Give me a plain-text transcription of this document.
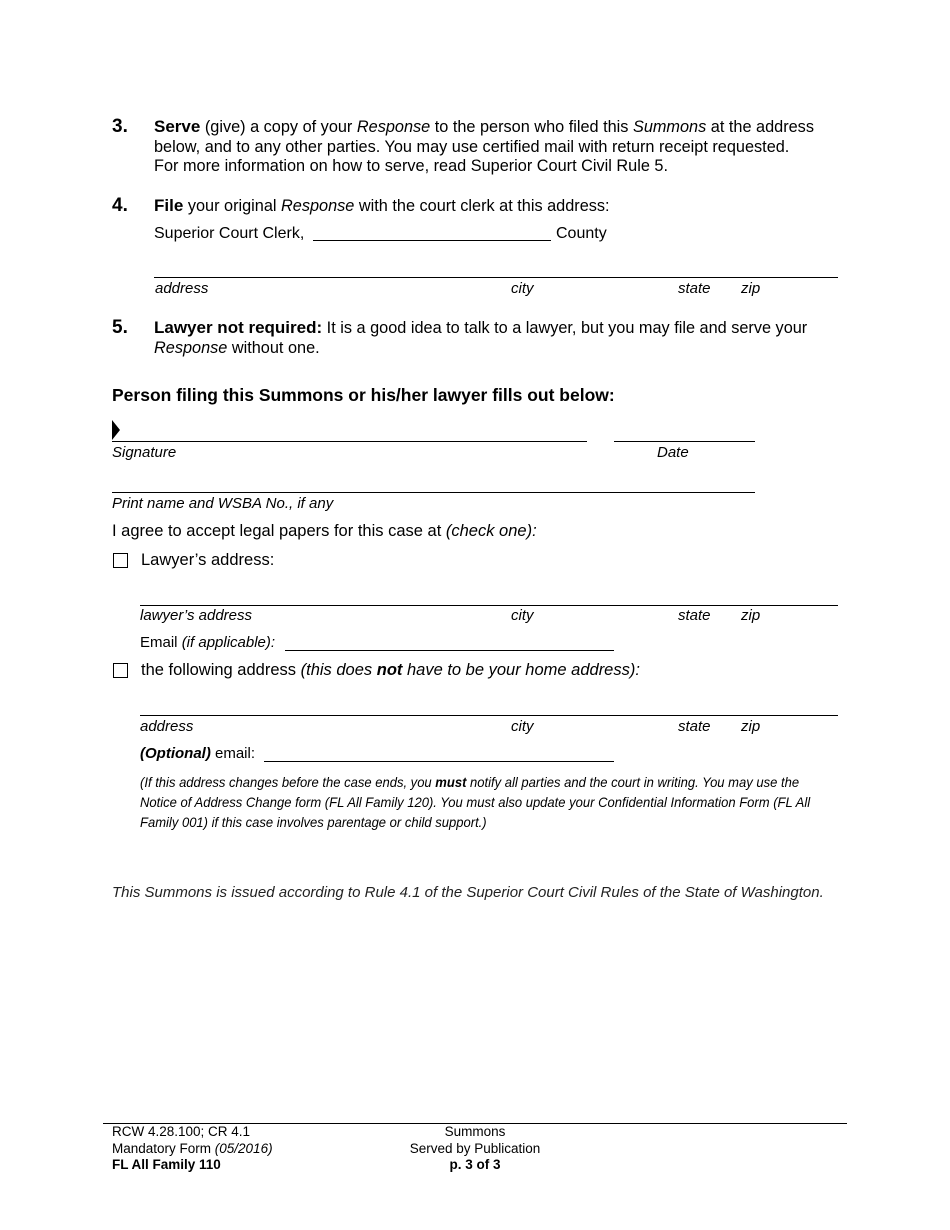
3. Serve (give) a copy of your Response to the person who filed this Summons at the address below, and to any other parties. You may use certified mail with return receipt requested. For more information on how to serve, read Superior Court Civil Rule 5.
4. File your original Response with the court clerk at this address:
Superior Court Clerk,	County
address	city	state zip
5. Lawyer not required: It is a good idea to talk to a lawyer, but you may file and serve your Response without one.
Person filing this Summons or his/her lawyer fills out below:
Signature	Date
Print name and WSBA No., if any
I agree to accept legal papers for this case at (check one):
Lawyer’s address:
lawyer’s address	city	state zip
Email (if applicable):
the following address (this does not have to be your home address):
address	city	state zip
(Optional) email:
(If this address changes before the case ends, you must notify all parties and the court in writing. You may use the Notice of Address Change form (FL All Family 120). You must also update your Confidential Information Form (FL All Family 001) if this case involves parentage or child support.)
This Summons is issued according to Rule 4.1 of the Superior Court Civil Rules of the State of Washington.
RCW 4.28.100; CR 4.1
Mandatory Form (05/2016)
FL All Family 110
Summons
Served by Publication
p. 3 of 3
